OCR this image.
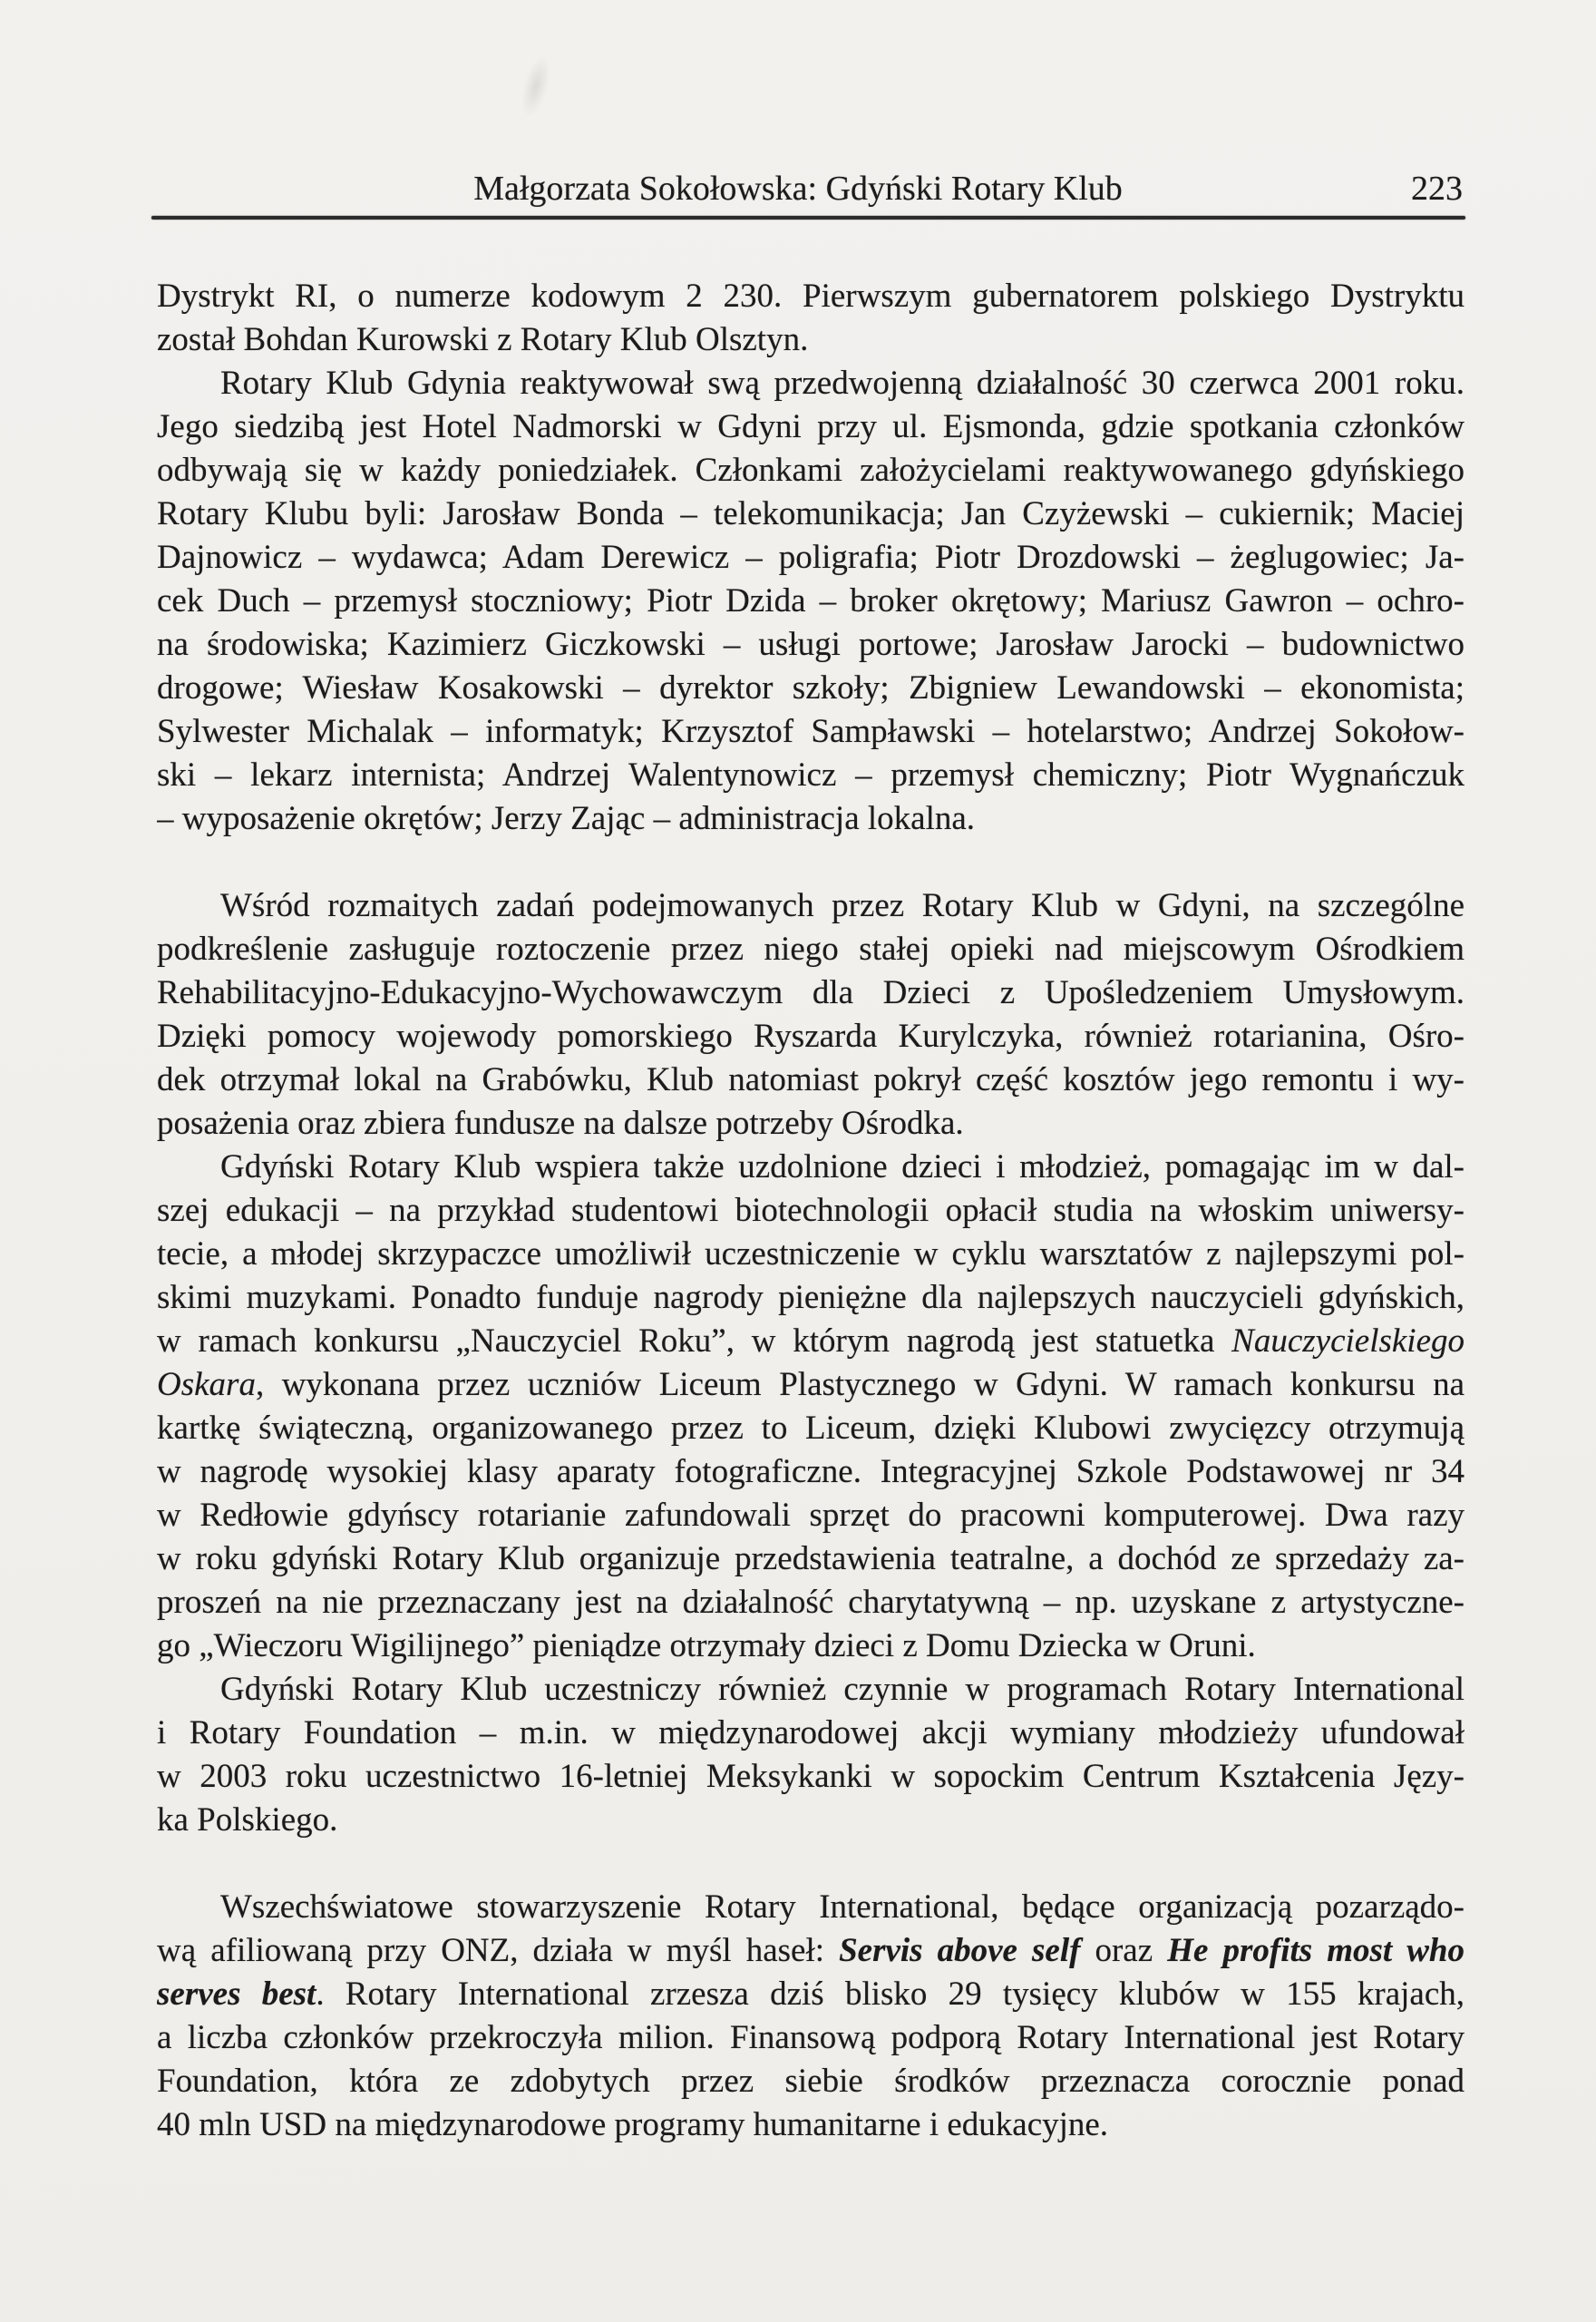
Małgorzata Sokołowska: Gdyński Rotary Klub	223
Dystrykt RI, o numerze kodowym 2 230. Pierwszym gubernatorem polskiego Dystryktu
został Bohdan Kurowski z Rotary Klub Olsztyn.
Rotary Klub Gdynia reaktywował swą przedwojenną działalność 30 czerwca 2001 roku.
Jego siedzibą jest Hotel Nadmorski w Gdyni przy ul. Ejsmonda, gdzie spotkania członków
odbywają się w każdy poniedziałek. Członkami założycielami reaktywowanego gdyńskiego
Rotary Klubu byli: Jarosław Bonda – telekomunikacja; Jan Czyżewski – cukiernik; Maciej
Dajnowicz – wydawca; Adam Derewicz – poligrafia; Piotr Drozdowski – żeglugowiec; Ja-
cek Duch – przemysł stoczniowy; Piotr Dzida – broker okrętowy; Mariusz Gawron – ochro-
na środowiska; Kazimierz Giczkowski – usługi portowe; Jarosław Jarocki – budownictwo
drogowe; Wiesław Kosakowski – dyrektor szkoły; Zbigniew Lewandowski – ekonomista;
Sylwester Michalak – informatyk; Krzysztof Sampławski – hotelarstwo; Andrzej Sokołow-
ski – lekarz internista; Andrzej Walentynowicz – przemysł chemiczny; Piotr Wygnańczuk
– wyposażenie okrętów; Jerzy Zając – administracja lokalna.
Wśród rozmaitych zadań podejmowanych przez Rotary Klub w Gdyni, na szczególne
podkreślenie zasługuje roztoczenie przez niego stałej opieki nad miejscowym Ośrodkiem
Rehabilitacyjno-Edukacyjno-Wychowawczym dla Dzieci z Upośledzeniem Umysłowym.
Dzięki pomocy wojewody pomorskiego Ryszarda Kurylczyka, również rotarianina, Ośro-
dek otrzymał lokal na Grabówku, Klub natomiast pokrył część kosztów jego remontu i wy-
posażenia oraz zbiera fundusze na dalsze potrzeby Ośrodka.
Gdyński Rotary Klub wspiera także uzdolnione dzieci i młodzież, pomagając im w dal-
szej edukacji – na przykład studentowi biotechnologii opłacił studia na włoskim uniwersy-
tecie, a młodej skrzypaczce umożliwił uczestniczenie w cyklu warsztatów z najlepszymi pol-
skimi muzykami. Ponadto funduje nagrody pieniężne dla najlepszych nauczycieli gdyńskich,
w ramach konkursu „Nauczyciel Roku”, w którym nagrodą jest statuetka Nauczycielskiego
Oskara, wykonana przez uczniów Liceum Plastycznego w Gdyni. W ramach konkursu na
kartkę świąteczną, organizowanego przez to Liceum, dzięki Klubowi zwycięzcy otrzymują
w nagrodę wysokiej klasy aparaty fotograficzne. Integracyjnej Szkole Podstawowej nr 34
w Redłowie gdyńscy rotarianie zafundowali sprzęt do pracowni komputerowej. Dwa razy
w roku gdyński Rotary Klub organizuje przedstawienia teatralne, a dochód ze sprzedaży za-
proszeń na nie przeznaczany jest na działalność charytatywną – np. uzyskane z artystyczne-
go „Wieczoru Wigilijnego” pieniądze otrzymały dzieci z Domu Dziecka w Oruni.
Gdyński Rotary Klub uczestniczy również czynnie w programach Rotary International
i Rotary Foundation – m.in. w międzynarodowej akcji wymiany młodzieży ufundował
w 2003 roku uczestnictwo 16-letniej Meksykanki w sopockim Centrum Kształcenia Języ-
ka Polskiego.
Wszechświatowe stowarzyszenie Rotary International, będące organizacją pozarządo-
wą afiliowaną przy ONZ, działa w myśl haseł: Servis above self oraz He profits most who
serves best. Rotary International zrzesza dziś blisko 29 tysięcy klubów w 155 krajach,
a liczba członków przekroczyła milion. Finansową podporą Rotary International jest Rotary
Foundation, która ze zdobytych przez siebie środków przeznacza corocznie ponad
40 mln USD na międzynarodowe programy humanitarne i edukacyjne.
